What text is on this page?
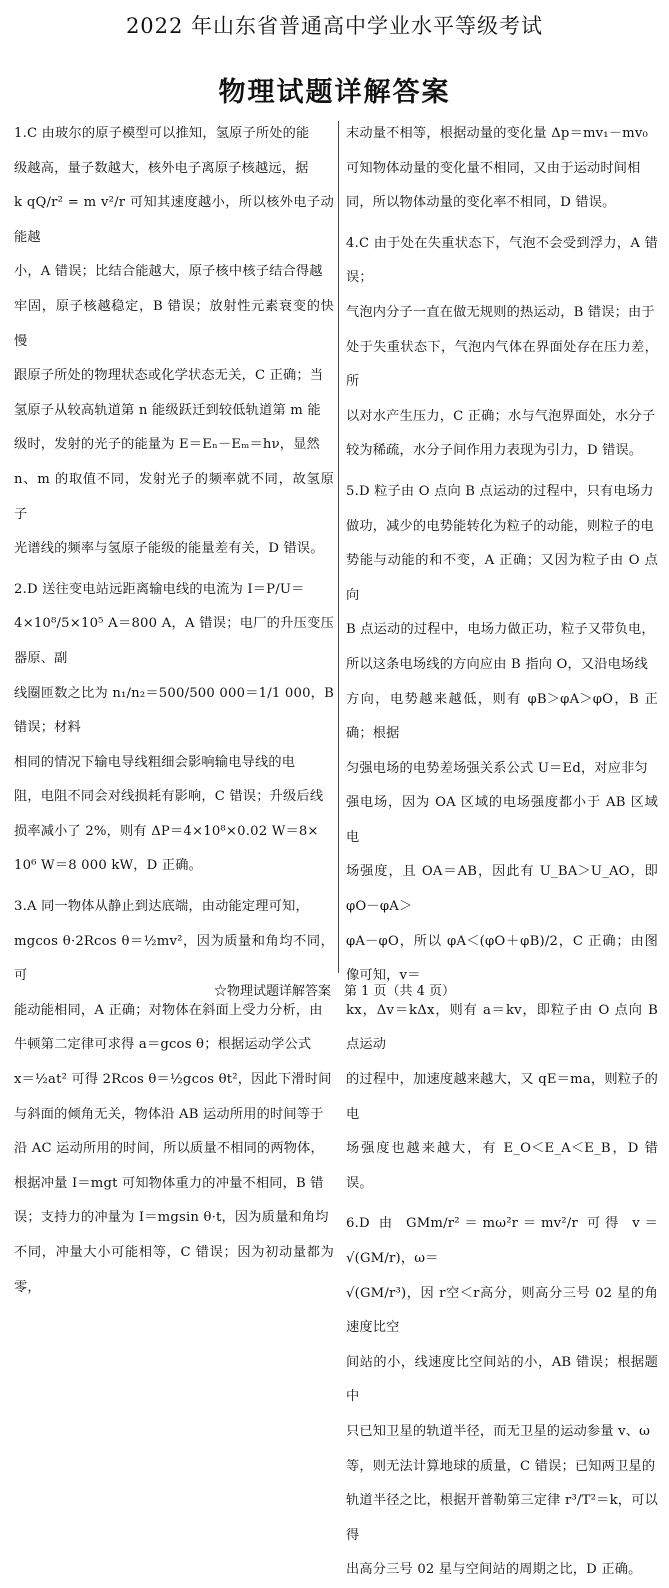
2022 年山东省普通高中学业水平等级考试
物理试题详解答案
1.C 由玻尔的原子模型可以推知，氢原子所处的能
级越高，量子数越大，核外电子离原子核越远，据
k qQ/r² = m v²/r 可知其速度越小，所以核外电子动能越
小，A 错误；比结合能越大，原子核中核子结合得越
牢固，原子核越稳定，B 错误；放射性元素衰变的快慢
跟原子所处的物理状态或化学状态无关，C 正确；当
氢原子从较高轨道第 n 能级跃迁到较低轨道第 m 能
级时，发射的光子的能量为 E＝Eₙ－Eₘ＝hν，显然
n、m 的取值不同，发射光子的频率就不同，故氢原子
光谱线的频率与氢原子能级的能量差有关，D 错误。
2.D 送往变电站远距离输电线的电流为 I＝P/U＝
4×10⁸/5×10⁵ A＝800 A，A 错误；电厂的升压变压器原、副
线圈匝数之比为 n₁/n₂＝500/500 000＝1/1 000，B 错误；材料
相同的情况下输电导线粗细会影响输电导线的电
阻，电阻不同会对线损耗有影响，C 错误；升级后线
损率减小了 2%，则有 ΔP＝4×10⁸×0.02 W＝8×
10⁶ W＝8 000 kW，D 正确。
3.A 同一物体从静止到达底端，由动能定理可知，
mgcos θ·2Rcos θ＝½mv²，因为质量和角均不同，可
能动能相同，A 正确；对物体在斜面上受力分析，由
牛顿第二定律可求得 a＝gcos θ；根据运动学公式
x＝½at² 可得 2Rcos θ＝½gcos θt²，因此下滑时间
与斜面的倾角无关，物体沿 AB 运动所用的时间等于
沿 AC 运动所用的时间，所以质量不相同的两物体，
根据冲量 I＝mgt 可知物体重力的冲量不相同，B 错
误；支持力的冲量为 I＝mgsin θ·t，因为质量和角均
不同，冲量大小可能相等，C 错误；因为初动量都为零，
末动量不相等，根据动量的变化量 Δp＝mv₁－mv₀
可知物体动量的变化量不相同，又由于运动时间相
同，所以物体动量的变化率不相同，D 错误。
4.C 由于处在失重状态下，气泡不会受到浮力，A 错误；
气泡内分子一直在做无规则的热运动，B 错误；由于
处于失重状态下，气泡内气体在界面处存在压力差，所
以对水产生压力，C 正确；水与气泡界面处，水分子
较为稀疏，水分子间作用力表现为引力，D 错误。
5.D 粒子由 O 点向 B 点运动的过程中，只有电场力
做功，减少的电势能转化为粒子的动能，则粒子的电
势能与动能的和不变，A 正确；又因为粒子由 O 点向
B 点运动的过程中，电场力做正功，粒子又带负电，
所以这条电场线的方向应由 B 指向 O，又沿电场线
方向，电势越来越低，则有 φB＞φA＞φO，B 正确；根据
匀强电场的电势差场强关系公式 U＝Ed，对应非匀
强电场，因为 OA 区域的电场强度都小于 AB 区域电
场强度，且 OA＝AB，因此有 U_BA＞U_AO，即 φO－φA＞
φA－φO，所以 φA＜(φO＋φB)/2，C 正确；由图像可知，v＝
kx，Δv＝kΔx，则有 a＝kv，即粒子由 O 点向 B 点运动
的过程中，加速度越来越大，又 qE＝ma，则粒子的电
场强度也越来越大，有 E_O＜E_A＜E_B，D 错误。
6.D 由 GMm/r²＝mω²r＝mv²/r 可得 v＝√(GM/r)，ω＝
√(GM/r³)，因 r空＜r高分，则高分三号 02 星的角速度比空
间站的小，线速度比空间站的小，AB 错误；根据题中
只已知卫星的轨道半径，而无卫星的运动参量 v、ω
等，则无法计算地球的质量，C 错误；已知两卫星的
轨道半径之比，根据开普勒第三定律 r³/T²＝k，可以得
出高分三号 02 星与空间站的周期之比，D 正确。
☆物理试题详解答案　第 1 页（共 4 页）
